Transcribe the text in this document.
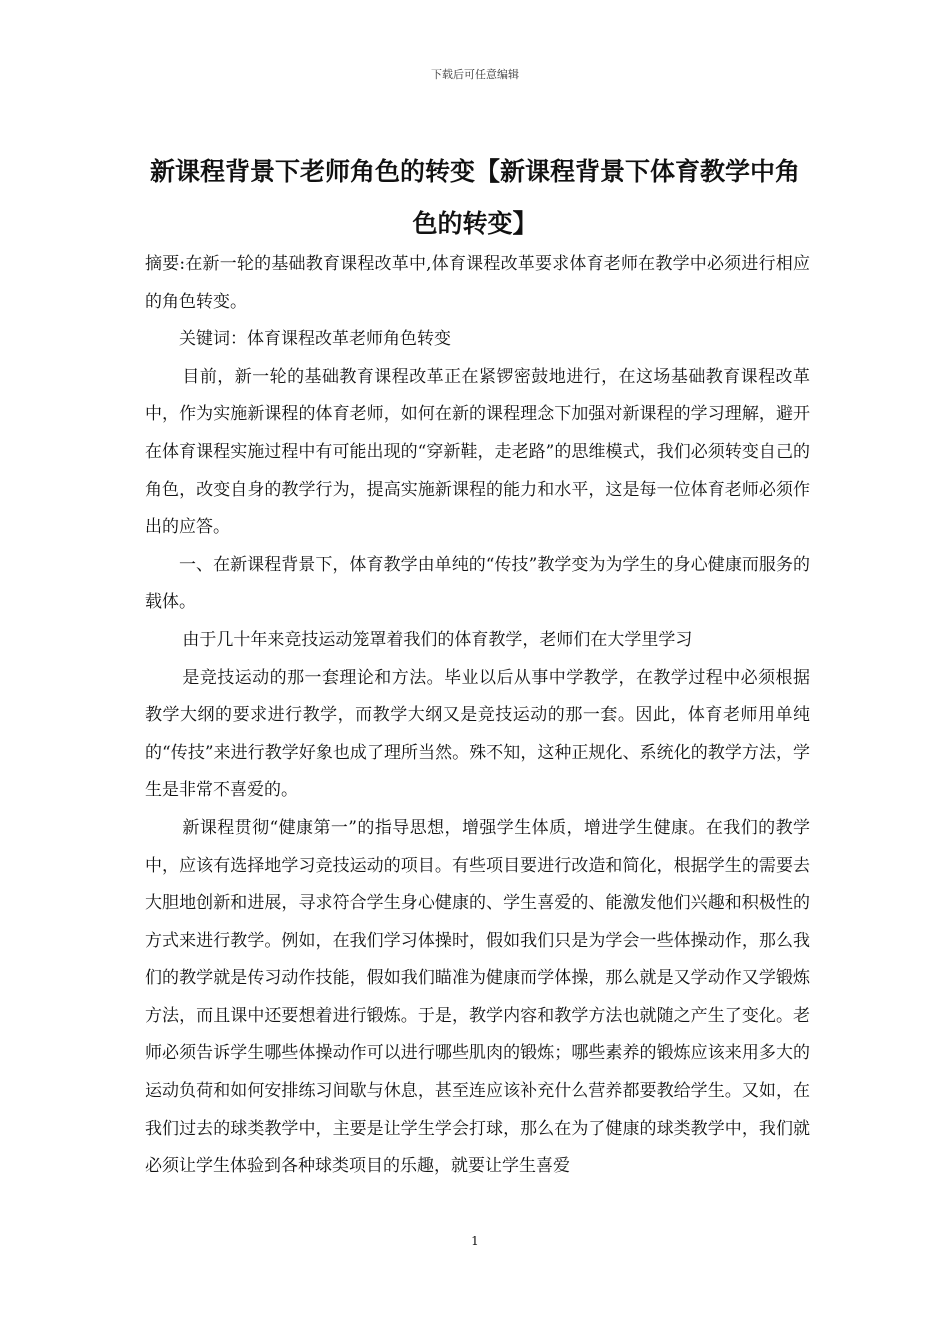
下载后可任意编辑
新课程背景下老师角色的转变【新课程背景下体育教学中角色的转变】

摘要:在新一轮的基础教育课程改革中,体育课程改革要求体育老师在教学中必须进行相应的角色转变。

关键词：体育课程改革老师角色转变

目前，新一轮的基础教育课程改革正在紧锣密鼓地进行，在这场基础教育课程改革中，作为实施新课程的体育老师，如何在新的课程理念下加强对新课程的学习理解，避开在体育课程实施过程中有可能出现的“穿新鞋，走老路”的思维模式，我们必须转变自己的角色，改变自身的教学行为，提高实施新课程的能力和水平，这是每一位体育老师必须作出的应答。

一、在新课程背景下，体育教学由单纯的“传技”教学变为为学生的身心健康而服务的载体。

由于几十年来竞技运动笼罩着我们的体育教学，老师们在大学里学习

是竞技运动的那一套理论和方法。毕业以后从事中学教学，在教学过程中必须根据教学大纲的要求进行教学，而教学大纲又是竞技运动的那一套。因此，体育老师用单纯的“传技”来进行教学好象也成了理所当然。殊不知，这种正规化、系统化的教学方法，学生是非常不喜爱的。

新课程贯彻“健康第一”的指导思想，增强学生体质，增进学生健康。在我们的教学中，应该有选择地学习竞技运动的项目。有些项目要进行改造和简化，根据学生的需要去大胆地创新和进展，寻求符合学生身心健康的、学生喜爱的、能激发他们兴趣和积极性的方式来进行教学。例如，在我们学习体操时，假如我们只是为学会一些体操动作，那么我们的教学就是传习动作技能，假如我们瞄准为健康而学体操，那么就是又学动作又学锻炼方法，而且课中还要想着进行锻炼。于是，教学内容和教学方法也就随之产生了变化。老师必须告诉学生哪些体操动作可以进行哪些肌肉的锻炼；哪些素养的锻炼应该来用多大的运动负荷和如何安排练习间歇与休息，甚至连应该补充什么营养都要教给学生。又如，在我们过去的球类教学中，主要是让学生学会打球，那么在为了健康的球类教学中，我们就必须让学生体验到各种球类项目的乐趣，就要让学生喜爱

1
